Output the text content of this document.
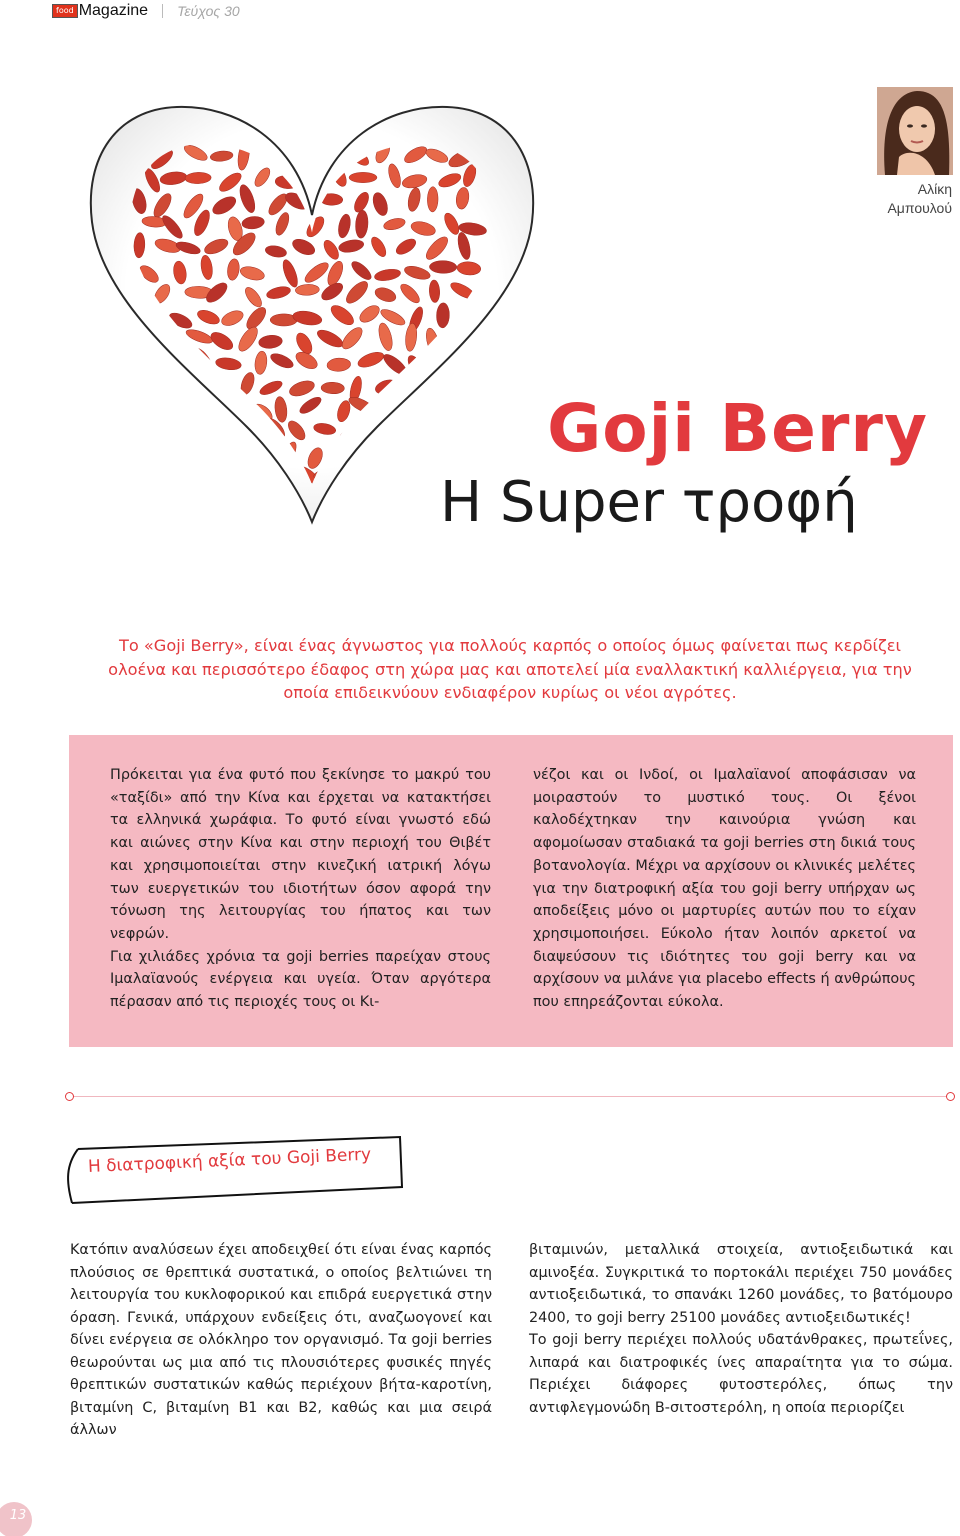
food Magazine Τεύχος 30
Αλίκη
Αμπουλού
Goji Berry
Η Super τροφή

Το «Goji Berry», είναι ένας άγνωστος για πολλούς καρπός ο οποίος όμως φαίνεται πως κερδίζει ολοένα και περισσότερο έδαφος στη χώρα μας και αποτελεί μία εναλλακτική καλλιέργεια, για την οποία επιδεικνύουν ενδιαφέρον κυρίως οι νέοι αγρότες.

Πρόκειται για ένα φυτό που ξεκίνησε το μακρύ του «ταξίδι» από την Κίνα και έρχεται να κατακτήσει τα ελληνικά χωράφια. Το φυτό είναι γνωστό εδώ και αιώνες στην Κίνα και στην περιοχή του Θιβέτ και χρησιμοποιείται στην κινεζική ιατρική λόγω των ευεργετικών του ιδιοτήτων όσον αφορά την τόνωση της λειτουργίας του ήπατος και των νεφρών.

Για χιλιάδες χρόνια τα goji berries παρείχαν στους Ιμαλαϊανούς ενέργεια και υγεία. Όταν αργότερα πέρασαν από τις περιοχές τους οι Κι-

νέζοι και οι Ινδοί, οι Ιμαλαϊανοί αποφάσισαν να μοιραστούν το μυστικό τους. Οι ξένοι καλοδέχτηκαν την καινούρια γνώση και αφομοίωσαν σταδιακά τα goji berries στη δικιά τους βοτανολογία. Μέχρι να αρχίσουν οι κλινικές μελέτες για την διατροφική αξία του goji berry υπήρχαν ως αποδείξεις μόνο οι μαρτυρίες αυτών που το είχαν χρησιμοποιήσει. Εύκολο ήταν λοιπόν αρκετοί να διαψεύσουν τις ιδιότητες του goji berry και να αρχίσουν να μιλάνε για placebo effects ή ανθρώπους που επηρεάζονται εύκολα.

Η διατροφική αξία του Goji Berry

Κατόπιν αναλύσεων έχει αποδειχθεί ότι είναι ένας καρπός πλούσιος σε θρεπτικά συστατικά, ο οποίος βελτιώνει τη λειτουργία του κυκλοφορικού και επιδρά ευεργετικά στην όραση. Γενικά, υπάρχουν ενδείξεις ότι, αναζωογονεί και δίνει ενέργεια σε ολόκληρο τον οργανισμό. Τα goji berries θεωρούνται ως μια από τις πλουσιότερες φυσικές πηγές θρεπτικών συστατικών καθώς περιέχουν βήτα-καροτίνη, βιταμίνη C, βιταμίνη B1 και B2, καθώς και μια σειρά άλλων

βιταμινών, μεταλλικά στοιχεία, αντιοξειδωτικά και αμινοξέα. Συγκριτικά το πορτοκάλι περιέχει 750 μονάδες αντιοξειδωτικά, το σπανάκι 1260 μονάδες, το βατόμουρο 2400, το goji berry 25100 μονάδες αντιοξειδωτικές!

Το goji berry περιέχει πολλούς υδατάνθρακες, πρωτεΐνες, λιπαρά και διατροφικές ίνες απαραίτητα για το σώμα. Περιέχει διάφορες φυτοστερόλες, όπως την αντιφλεγμονώδη Β-σιτοστερόλη, η οποία περιορίζει

13
